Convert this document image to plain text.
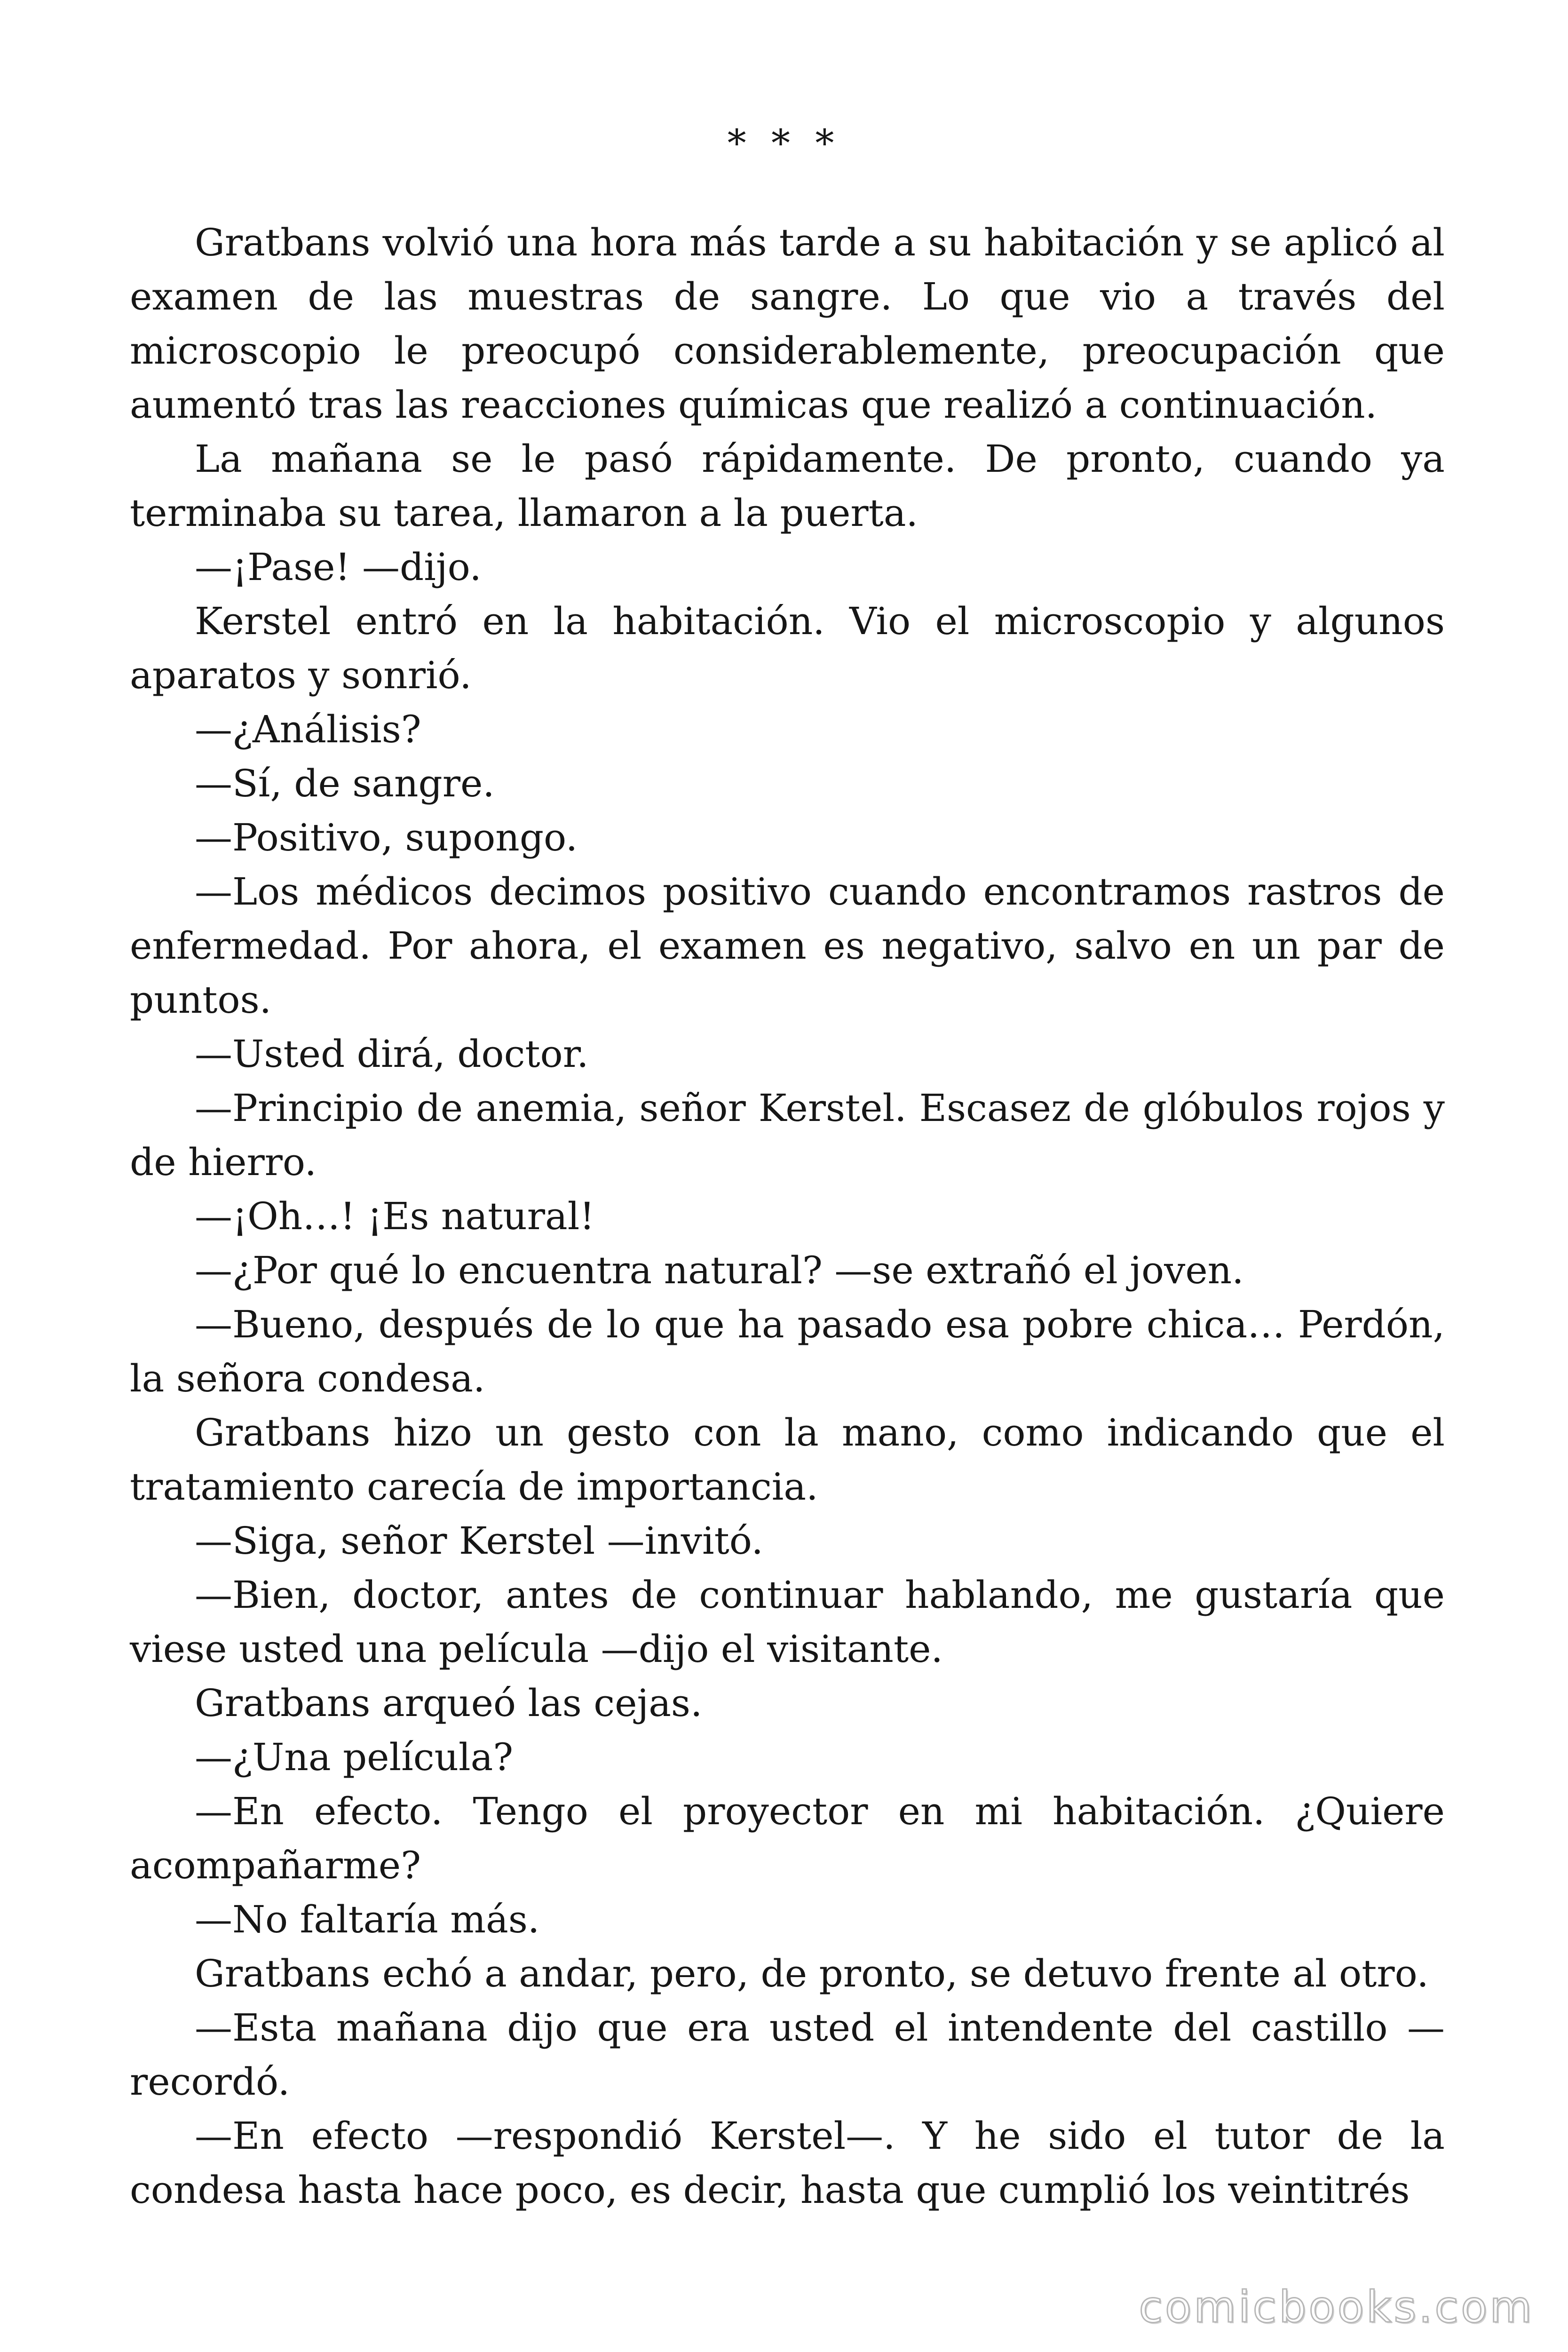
* * *

Gratbans volvió una hora más tarde a su habitación y se aplicó al examen de las muestras de sangre. Lo que vio a través del microscopio le preocupó considerablemente, preocupación que aumentó tras las reacciones químicas que realizó a continuación.

La mañana se le pasó rápidamente. De pronto, cuando ya terminaba su tarea, llamaron a la puerta.

—¡Pase! —dijo.

Kerstel entró en la habitación. Vio el microscopio y algunos aparatos y sonrió.

—¿Análisis?

—Sí, de sangre.

—Positivo, supongo.

—Los médicos decimos positivo cuando encontramos rastros de enfermedad. Por ahora, el examen es negativo, salvo en un par de puntos.

—Usted dirá, doctor.

—Principio de anemia, señor Kerstel. Escasez de glóbulos rojos y de hierro.

—¡Oh…! ¡Es natural!

—¿Por qué lo encuentra natural? —se extrañó el joven.

—Bueno, después de lo que ha pasado esa pobre chica… Perdón, la señora condesa.

Gratbans hizo un gesto con la mano, como indicando que el tratamiento carecía de importancia.

—Siga, señor Kerstel —invitó.

—Bien, doctor, antes de continuar hablando, me gustaría que viese usted una película —dijo el visitante.

Gratbans arqueó las cejas.

—¿Una película?

—En efecto. Tengo el proyector en mi habitación. ¿Quiere acompañarme?

—No faltaría más.

Gratbans echó a andar, pero, de pronto, se detuvo frente al otro.

—Esta mañana dijo que era usted el intendente del castillo —recordó.

—En efecto —respondió Kerstel—. Y he sido el tutor de la condesa hasta hace poco, es decir, hasta que cumplió los veintitrés

comicbooks.com
